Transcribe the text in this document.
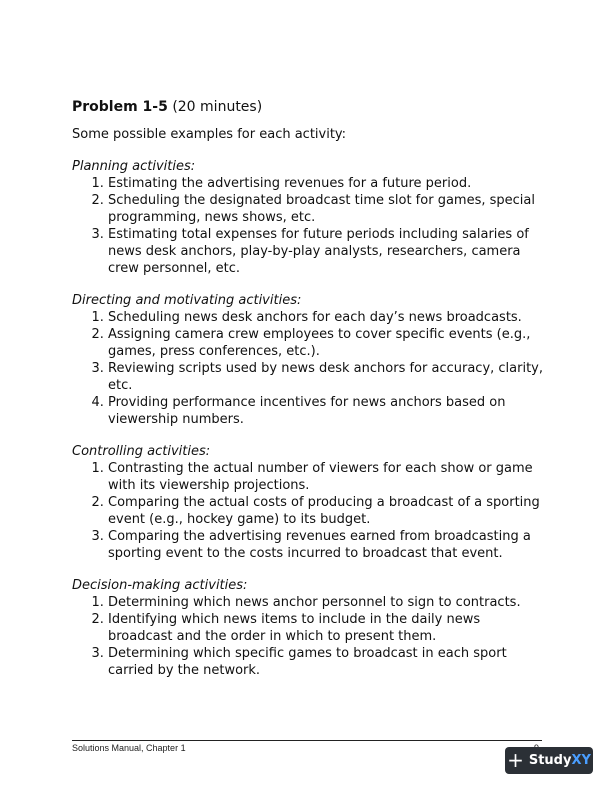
Problem 1-5 (20 minutes)

Some possible examples for each activity:

Planning activities:

1. Estimating the advertising revenues for a future period.
2. Scheduling the designated broadcast time slot for games, special programming, news shows, etc.
3. Estimating total expenses for future periods including salaries of news desk anchors, play-by-play analysts, researchers, camera crew personnel, etc.

Directing and motivating activities:

1. Scheduling news desk anchors for each day’s news broadcasts.
2. Assigning camera crew employees to cover specific events (e.g., games, press conferences, etc.).
3. Reviewing scripts used by news desk anchors for accuracy, clarity, etc.
4. Providing performance incentives for news anchors based on viewership numbers.

Controlling activities:

1. Contrasting the actual number of viewers for each show or game with its viewership projections.
2. Comparing the actual costs of producing a broadcast of a sporting event (e.g., hockey game) to its budget.
3. Comparing the advertising revenues earned from broadcasting a sporting event to the costs incurred to broadcast that event.

Decision-making activities:

1. Determining which news anchor personnel to sign to contracts.
2. Identifying which news items to include in the daily news broadcast and the order in which to present them.
3. Determining which specific games to broadcast in each sport carried by the network.
Solutions Manual, Chapter 1	+ StudyXY
